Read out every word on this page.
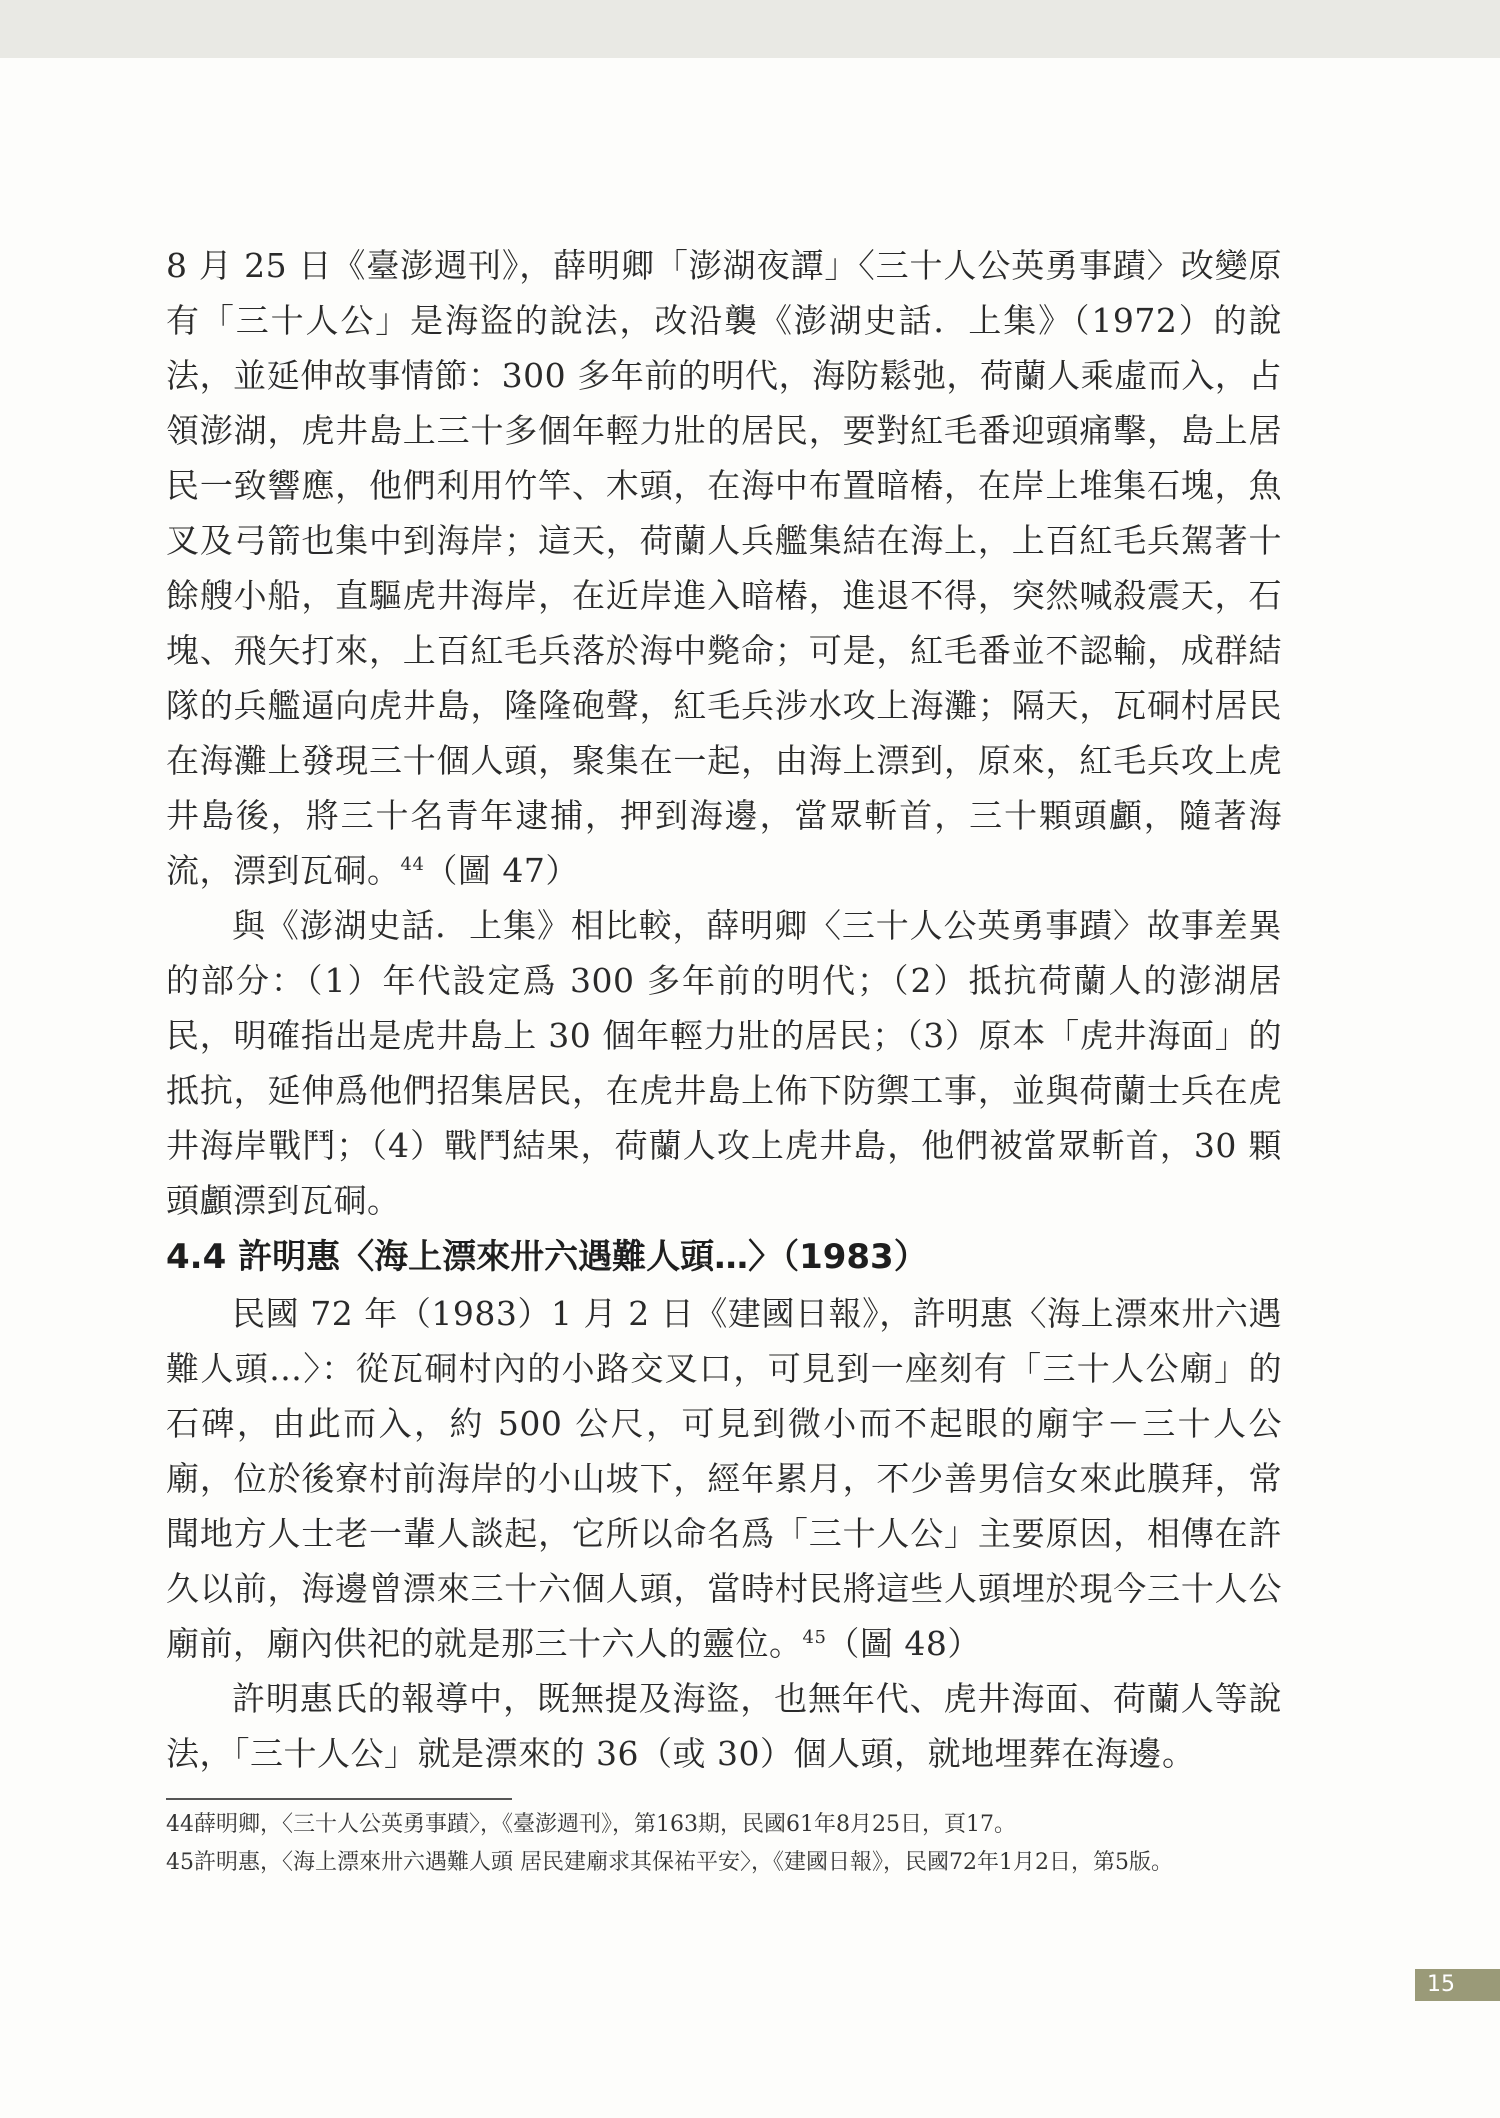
8 月 25 日《臺澎週刊》，薛明卿「澎湖夜譚」〈三十人公英勇事蹟〉改變原有「三十人公」是海盜的說法，改沿襲《澎湖史話．上集》（1972）的說法，並延伸故事情節：300 多年前的明代，海防鬆弛，荷蘭人乘虛而入，占領澎湖，虎井島上三十多個年輕力壯的居民，要對紅毛番迎頭痛擊，島上居民一致響應，他們利用竹竿、木頭，在海中布置暗樁，在岸上堆集石塊，魚叉及弓箭也集中到海岸；這天，荷蘭人兵艦集結在海上，上百紅毛兵駕著十餘艘小船，直驅虎井海岸，在近岸進入暗樁，進退不得，突然喊殺震天，石塊、飛矢打來，上百紅毛兵落於海中斃命；可是，紅毛番並不認輸，成群結隊的兵艦逼向虎井島，隆隆砲聲，紅毛兵涉水攻上海灘；隔天，瓦硐村居民在海灘上發現三十個人頭，聚集在一起，由海上漂到，原來，紅毛兵攻上虎井島後，將三十名青年逮捕，押到海邊，當眾斬首，三十顆頭顱，隨著海流，漂到瓦硐。$^{44}$（圖 47）

與《澎湖史話．上集》相比較，薛明卿〈三十人公英勇事蹟〉故事差異的部分：（1）年代設定爲 300 多年前的明代；（2）抵抗荷蘭人的澎湖居民，明確指出是虎井島上 30 個年輕力壯的居民；（3）原本「虎井海面」的抵抗，延伸爲他們招集居民，在虎井島上佈下防禦工事，並與荷蘭士兵在虎井海岸戰鬥；（4）戰鬥結果，荷蘭人攻上虎井島，他們被當眾斬首，30 顆頭顱漂到瓦硐。

4.4 許明惠〈海上漂來卅六遇難人頭…〉（1983）

民國 72 年（1983）1 月 2 日《建國日報》，許明惠〈海上漂來卅六遇難人頭…〉：從瓦硐村內的小路交叉口，可見到一座刻有「三十人公廟」的石碑，由此而入，約 500 公尺，可見到微小而不起眼的廟宇－三十人公廟，位於後寮村前海岸的小山坡下，經年累月，不少善男信女來此膜拜，常聞地方人士老一輩人談起，它所以命名爲「三十人公」主要原因，相傳在許久以前，海邊曾漂來三十六個人頭，當時村民將這些人頭埋於現今三十人公廟前，廟內供祀的就是那三十六人的靈位。$^{45}$（圖 48）

許明惠氏的報導中，既無提及海盜，也無年代、虎井海面、荷蘭人等說法，「三十人公」就是漂來的 36（或 30）個人頭，就地埋葬在海邊。

44薛明卿，〈三十人公英勇事蹟〉，《臺澎週刊》，第163期，民國61年8月25日，頁17。

45許明惠，〈海上漂來卅六遇難人頭 居民建廟求其保祐平安〉，《建國日報》，民國72年1月2日，第5版。

15
